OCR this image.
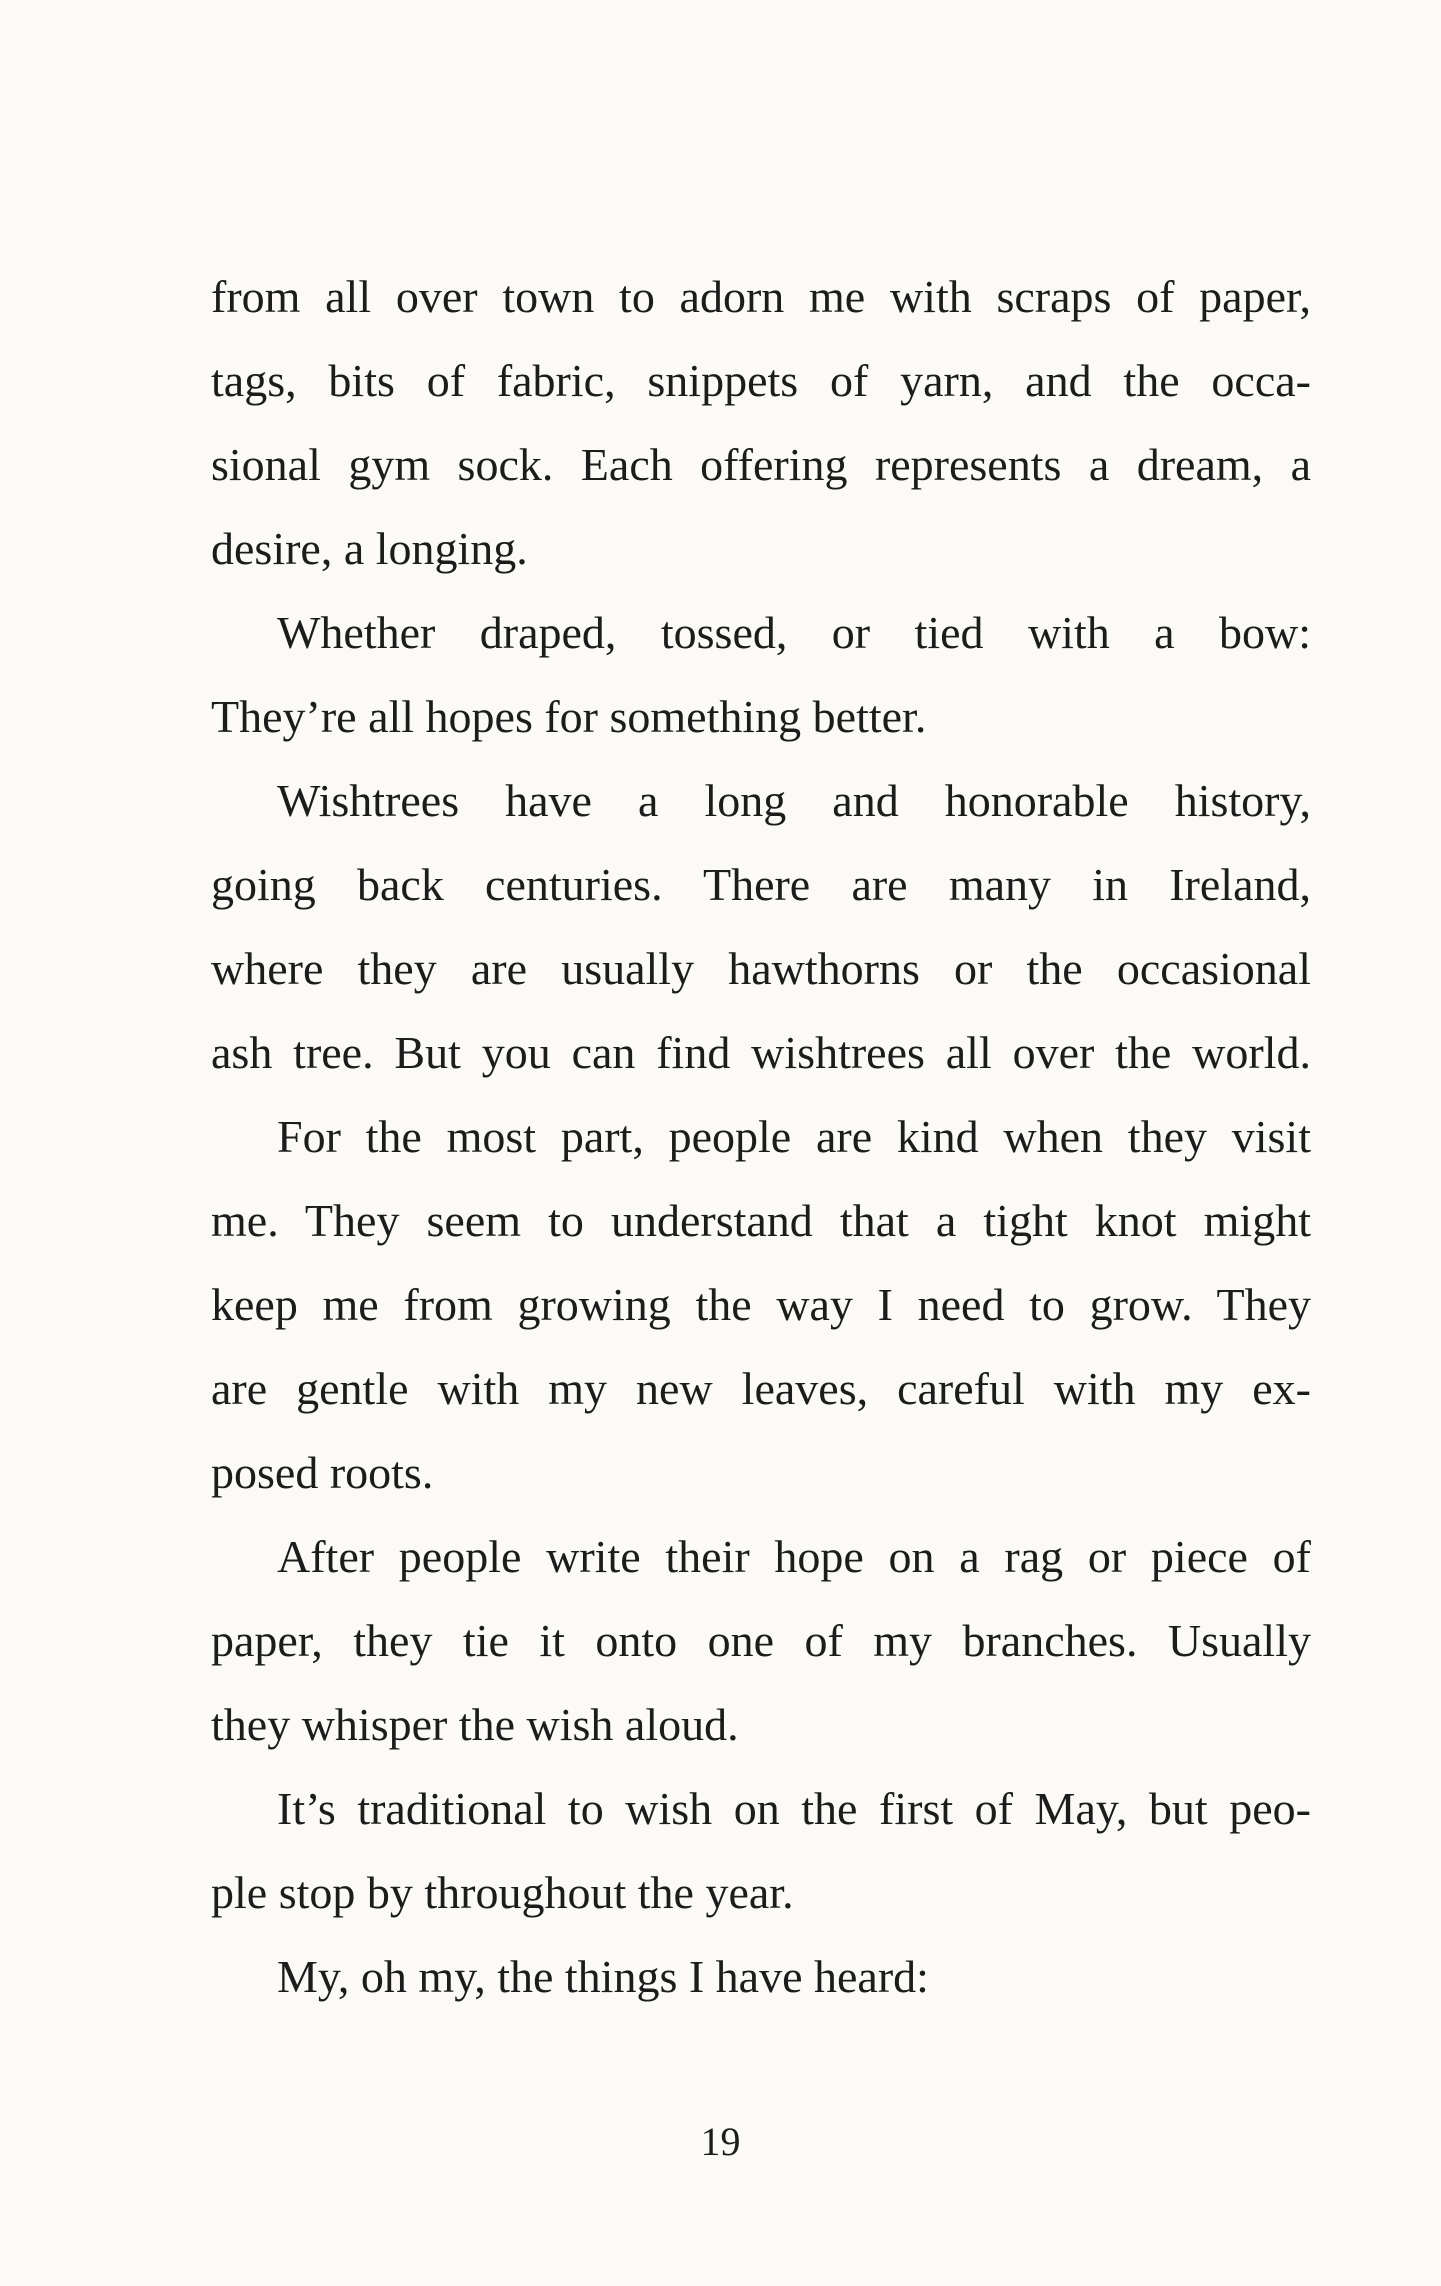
from all over town to adorn me with scraps of paper,
tags, bits of fabric, snippets of yarn, and the occa-
sional gym sock. Each offering represents a dream, a
desire, a longing.
Whether draped, tossed, or tied with a bow:
They’re all hopes for something better.
Wishtrees have a long and honorable history,
going back centuries. There are many in Ireland,
where they are usually hawthorns or the occasional
ash tree. But you can find wishtrees all over the world.
For the most part, people are kind when they visit
me. They seem to understand that a tight knot might
keep me from growing the way I need to grow. They
are gentle with my new leaves, careful with my ex-
posed roots.
After people write their hope on a rag or piece of
paper, they tie it onto one of my branches. Usually
they whisper the wish aloud.
It’s traditional to wish on the first of May, but peo-
ple stop by throughout the year.
My, oh my, the things I have heard:
19
